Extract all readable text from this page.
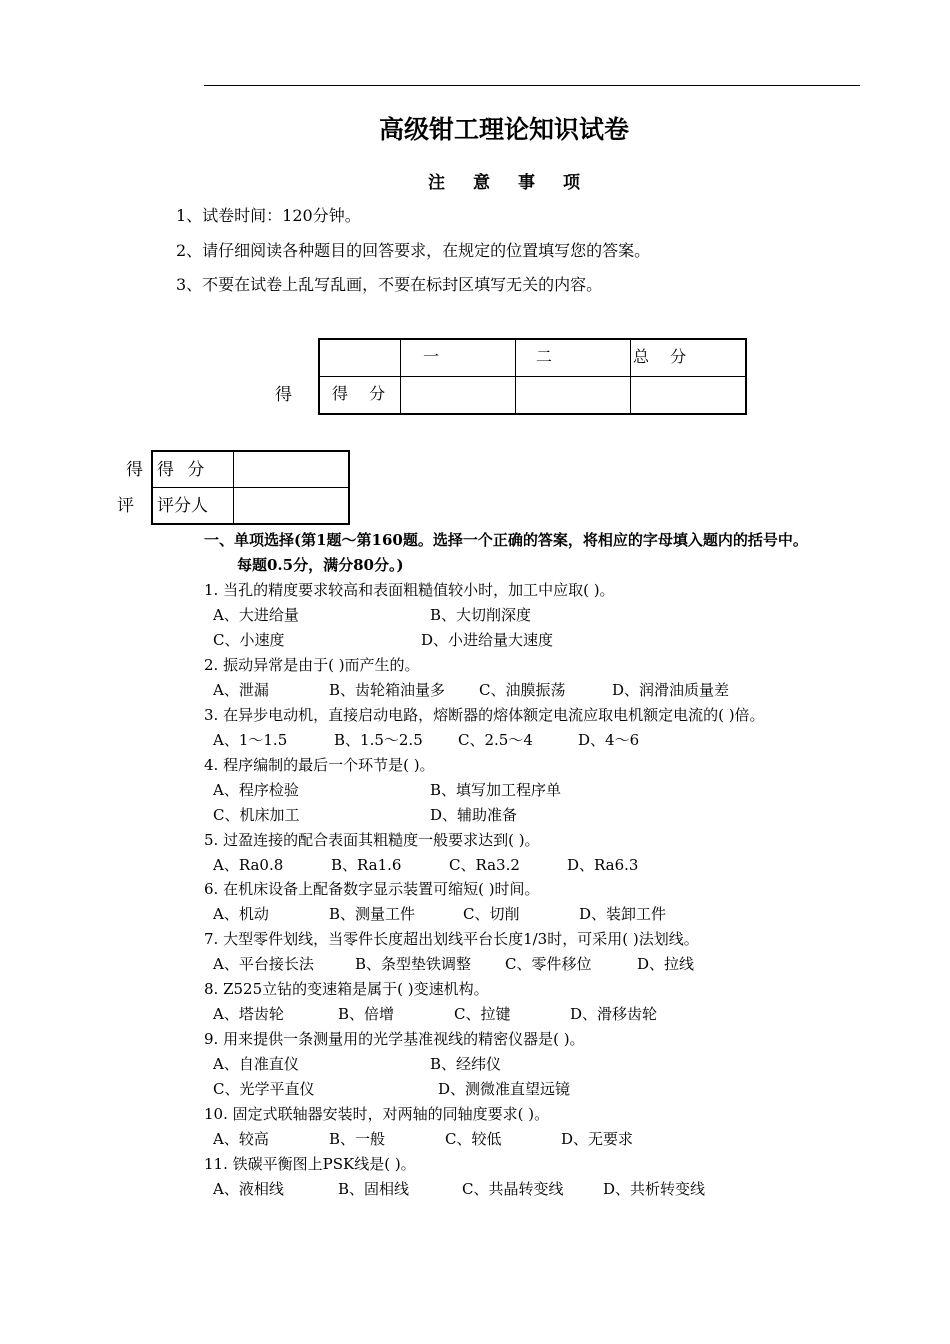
高级钳工理论知识试卷
注意事项
1、试卷时间：120分钟。
2、请仔细阅读各种题目的回答要求，在规定的位置填写您的答案。
3、不要在试卷上乱写乱画，不要在标封区填写无关的内容。
得
	一	二	总 分
得 分			
得
评
得 分	
评分人	
一、单项选择(第1题～第160题。选择一个正确的答案，将相应的字母填入题内的括号中。
每题0.5分，满分80分。)
1. 当孔的精度要求较高和表面粗糙值较小时，加工中应取( )。
A、大进给量	B、大切削深度
C、小速度	D、小进给量大速度
2. 振动异常是由于( )而产生的。
A、泄漏	B、齿轮箱油量多 C、油膜振荡	D、润滑油质量差
3. 在异步电动机，直接启动电路，熔断器的熔体额定电流应取电机额定电流的( )倍。
A、1～1.5	B、1.5～2.5 C、2.5～4	D、4～6
4. 程序编制的最后一个环节是( )。
A、程序检验	B、填写加工程序单
C、机床加工	D、辅助准备
5. 过盈连接的配合表面其粗糙度一般要求达到( )。
A、Ra0.8	B、Ra1.6	C、Ra3.2	D、Ra6.3
6. 在机床设备上配备数字显示装置可缩短( )时间。
A、机动	B、测量工件	C、切削	D、装卸工件
7. 大型零件划线，当零件长度超出划线平台长度1/3时，可采用( )法划线。
A、平台接长法	B、条型垫铁调整 C、零件移位	D、拉线
8. Z525立钻的变速箱是属于( )变速机构。
A、塔齿轮	B、倍增	C、拉键	D、滑移齿轮
9. 用来提供一条测量用的光学基准视线的精密仪器是( )。
A、自准直仪	B、经纬仪
C、光学平直仪	D、测微准直望远镜
10. 固定式联轴器安装时，对两轴的同轴度要求( )。
A、较高	B、一般	C、较低	D、无要求
11. 铁碳平衡图上PSK线是( )。
A、液相线	B、固相线	C、共晶转变线	D、共析转变线
